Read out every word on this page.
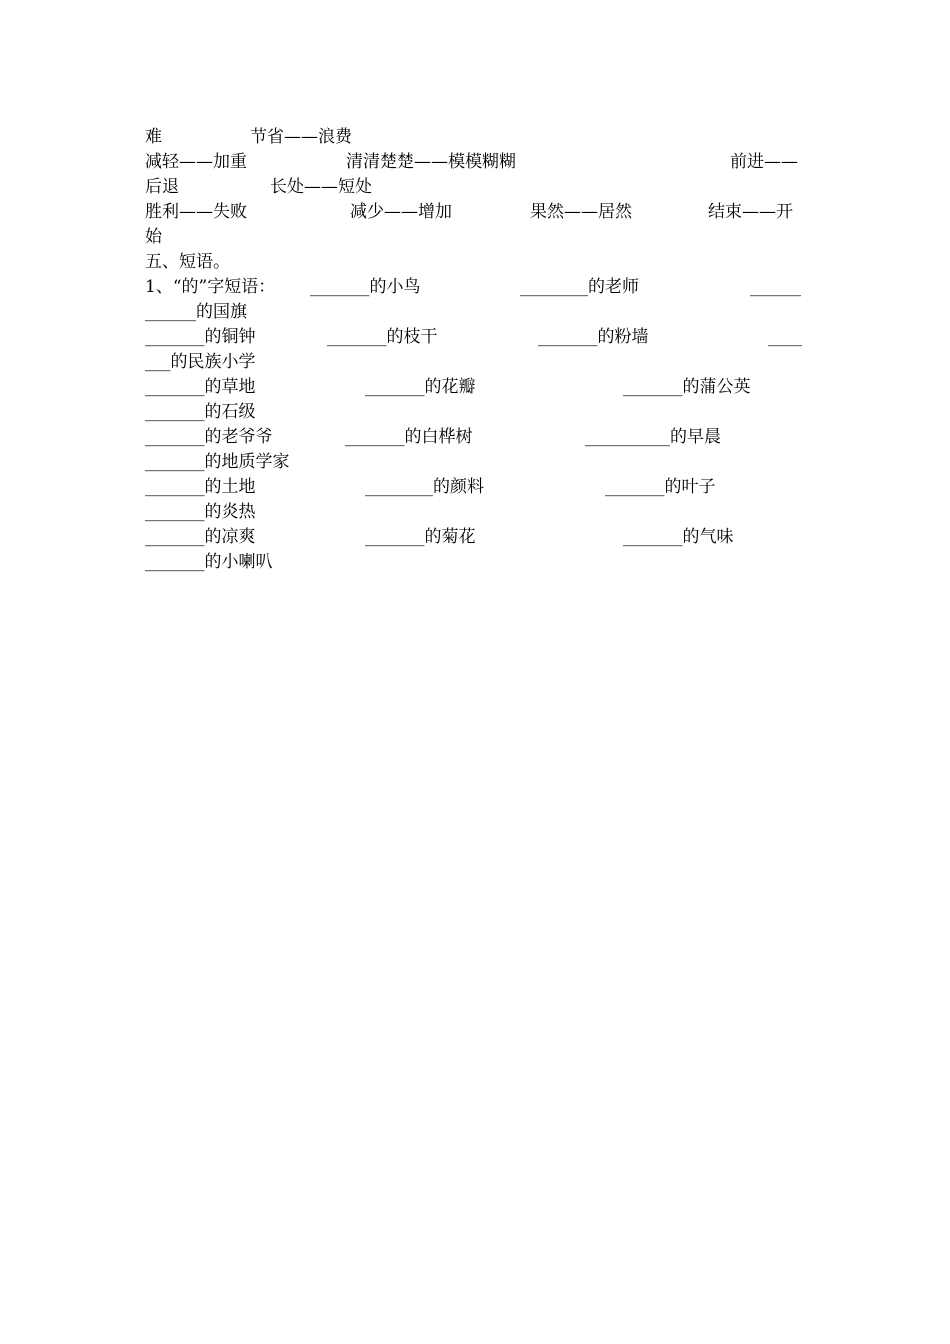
难	节省——浪费
减轻——加重	清清楚楚——模模糊糊	前进——
后退	长处——短处
胜利——失败	减少——增加	果然——居然	结束——开
始
五、短语。
1、“的”字短语： _______的小鸟	________的老师	______
______的国旗
_______的铜钟	_______的枝干	_______的粉墙	____
___的民族小学
_______的草地	_______的花瓣	_______的蒲公英
_______的石级
_______的老爷爷	_______的白桦树	__________的早晨
_______的地质学家
_______的土地	________的颜料	_______的叶子
_______的炎热
_______的凉爽	_______的菊花	_______的气味
_______的小喇叭
